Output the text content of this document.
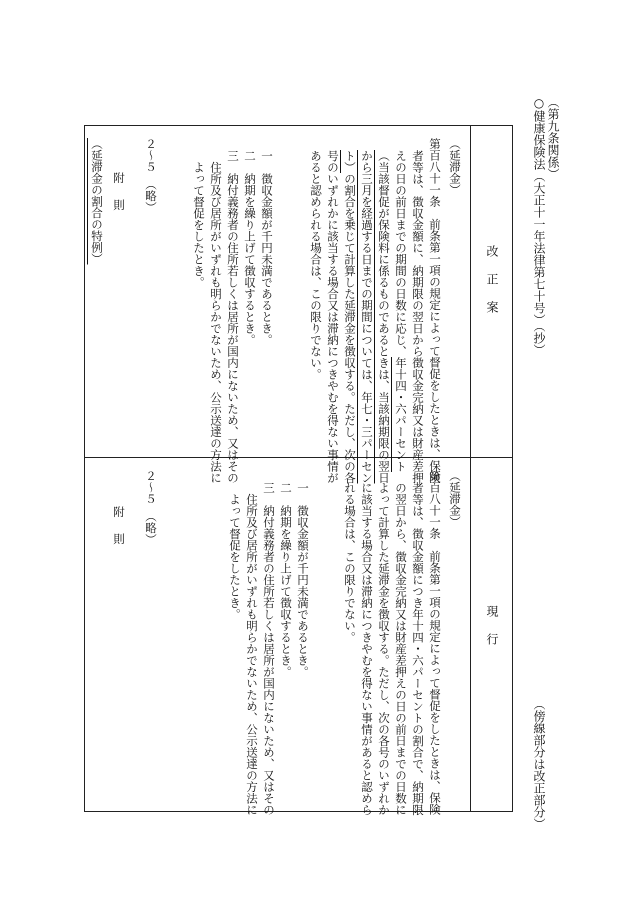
○健康保険法（大正十一年法律第七十号）（抄） （第九条関係）
（傍線部分は改正部分）
改正案
現行
（延滞金）
第百八十一条　前条第一項の規定によって督促をしたときは、保険
者等は、徴収金額に、納期限の翌日から徴収金完納又は財産差押
えの日の前日までの期間の日数に応じ、年十四・六パーセント
（当該督促が保険料に係るものであるときは、当該納期限の翌日
から三月を経過する日までの期間については、年七・三パーセン
ト）の割合を乗じて計算した延滞金を徴収する。ただし、次の各
号のいずれかに該当する場合又は滞納につきやむを得ない事情が
あると認められる場合は、この限りでない。
一　徴収金額が千円未満であるとき。
二　納期を繰り上げて徴収するとき。
三　納付義務者の住所若しくは居所が国内にないため、又はその
　住所及び居所がいずれも明らかでないため、公示送達の方法に
　よって督促をしたとき。
２～５　（略）
附　則
（延滞金の割合の特例）
（延滞金）
第百八十一条　前条第一項の規定によって督促をしたときは、保険
者等は、徴収金額につき年十四・六パーセントの割合で、納期限
の翌日から、徴収金完納又は財産差押えの日の前日までの日数に
よって計算した延滞金を徴収する。ただし、次の各号のいずれか
に該当する場合又は滞納につきやむを得ない事情があると認めら
れる場合は、この限りでない。
一　徴収金額が千円未満であるとき。
二　納期を繰り上げて徴収するとき。
三　納付義務者の住所若しくは居所が国内にないため、又はその
　住所及び居所がいずれも明らかでないため、公示送達の方法に
　よって督促をしたとき。
２～５　（略）
附　則
